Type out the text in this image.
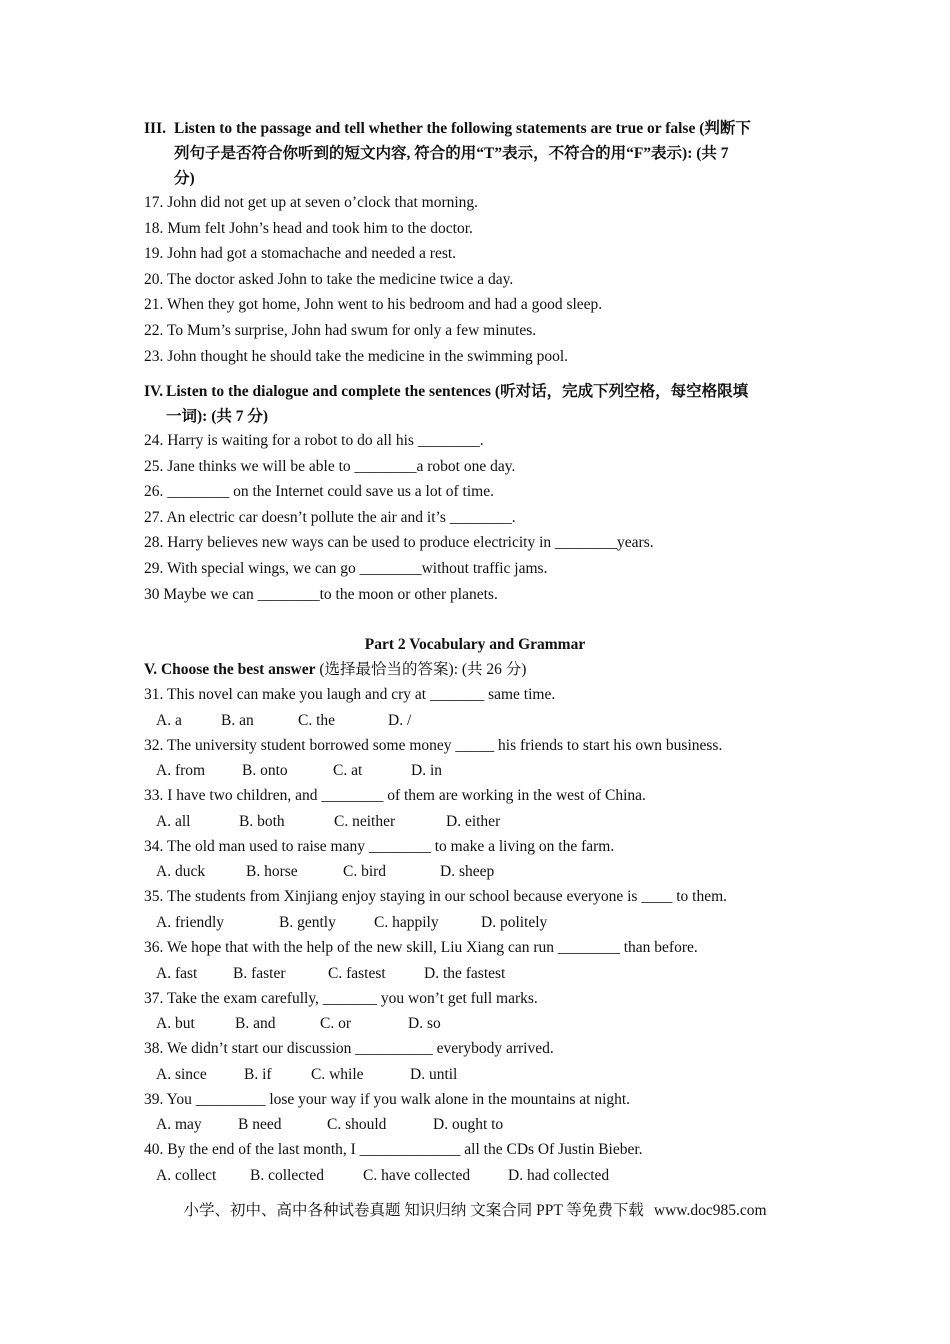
III. Listen to the passage and tell whether the following statements are true or false (判断下
列句子是否符合你听到的短文内容, 符合的用“T”表示，不符合的用“F”表示): (共 7
分)
17. John did not get up at seven o’clock that morning.
18. Mum felt John’s head and took him to the doctor.
19. John had got a stomachache and needed a rest.
20. The doctor asked John to take the medicine twice a day.
21. When they got home, John went to his bedroom and had a good sleep.
22. To Mum’s surprise, John had swum for only a few minutes.
23. John thought he should take the medicine in the swimming pool.
IV. Listen to the dialogue and complete the sentences (听对话，完成下列空格，每空格限填
一词): (共 7 分)
24. Harry is waiting for a robot to do all his ________.
25. Jane thinks we will be able to ________a robot one day.
26. ________ on the Internet could save us a lot of time.
27. An electric car doesn’t pollute the air and it’s ________.
28. Harry believes new ways can be used to produce electricity in ________years.
29. With special wings, we can go ________without traffic jams.
30 Maybe we can ________to the moon or other planets.
Part 2 Vocabulary and Grammar
V. Choose the best answer (选择最恰当的答案): (共 26 分)
31. This novel can make you laugh and cry at _______ same time.
A. a	B. an	C. the	D. /
32. The university student borrowed some money _____ his friends to start his own business.
A. from B. onto	C. at	D. in
33. I have two children, and ________ of them are working in the west of China.
A. all	B. both	C. neither	D. either
34. The old man used to raise many ________ to make a living on the farm.
A. duck	B. horse	C. bird	D. sheep
35. The students from Xinjiang enjoy staying in our school because everyone is ____ to them.
A. friendly	B. gently C. happily	D. politely
36. We hope that with the help of the new skill, Liu Xiang can run ________ than before.
A. fast B. faster	C. fastest D. the fastest
37. Take the exam carefully, _______ you won’t get full marks.
A. but	B. and	C. or	D. so
38. We didn’t start our discussion __________ everybody arrived.
A. since B. if	C. while	D. until
39. You _________ lose your way if you walk alone in the mountains at night.
A. may B need	C. should	D. ought to
40. By the end of the last month, I _____________ all the CDs Of Justin Bieber.
A. collect B. collected	C. have collected D. had collected
小学、初中、高中各种试卷真题 知识归纳 文案合同 PPT 等免费下载 www.doc985.com
